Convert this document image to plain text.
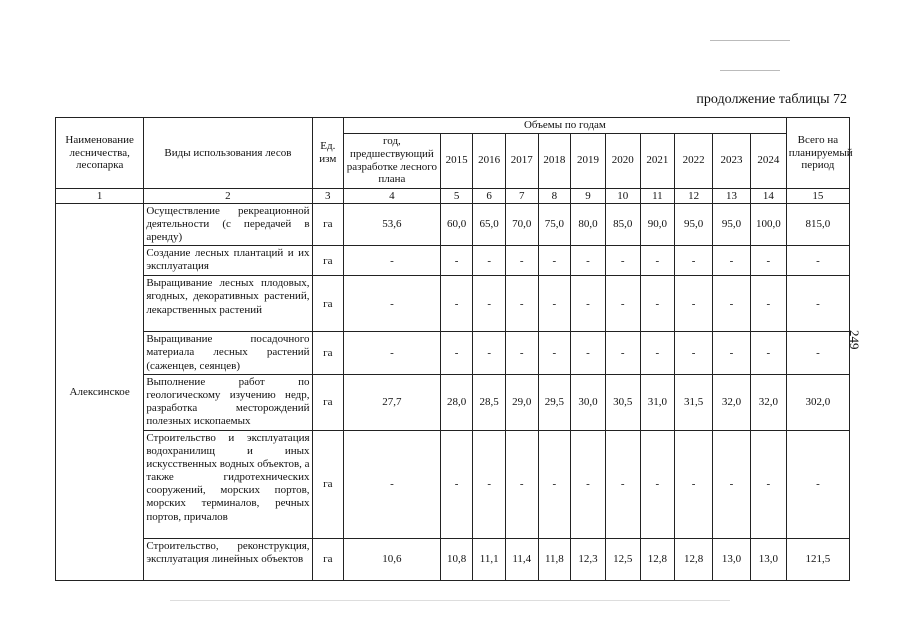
продолжение таблицы 72
249
Наименование лесничества, лесопарка	Виды использования лесов	Ед. изм	Объемы по годам											Всего на планируемый период
			год, предшествующий разработке лесного плана	2015	2016	2017	2018	2019	2020	2021	2022	2023	2024	
1	2	3	4	5	6	7	8	9	10	11	12	13	14	15
Алексинское	Осуществление рекреационной деятельности (с передачей в аренду)	га	53,6	60,0	65,0	70,0	75,0	80,0	85,0	90,0	95,0	95,0	100,0	815,0
	Создание лесных плантаций и их эксплуатация	га	-	-	-	-	-	-	-	-	-	-	-	-
	Выращивание лесных плодовых, ягодных, декоративных растений, лекарственных растений	га	-	-	-	-	-	-	-	-	-	-	-	-
	Выращивание посадочного материала лесных растений (саженцев, сеянцев)	га	-	-	-	-	-	-	-	-	-	-	-	-
	Выполнение работ по геологическому изучению недр, разработка месторождений полезных ископаемых	га	27,7	28,0	28,5	29,0	29,5	30,0	30,5	31,0	31,5	32,0	32,0	302,0
	Строительство и эксплуатация водохранилищ и иных искусственных водных объектов, а также гидротехнических сооружений, морских портов, морских терминалов, речных портов, причалов	га	-	-	-	-	-	-	-	-	-	-	-	-
	Строительство, реконструкция, эксплуатация линейных объектов	га	10,6	10,8	11,1	11,4	11,8	12,3	12,5	12,8	12,8	13,0	13,0	121,5
